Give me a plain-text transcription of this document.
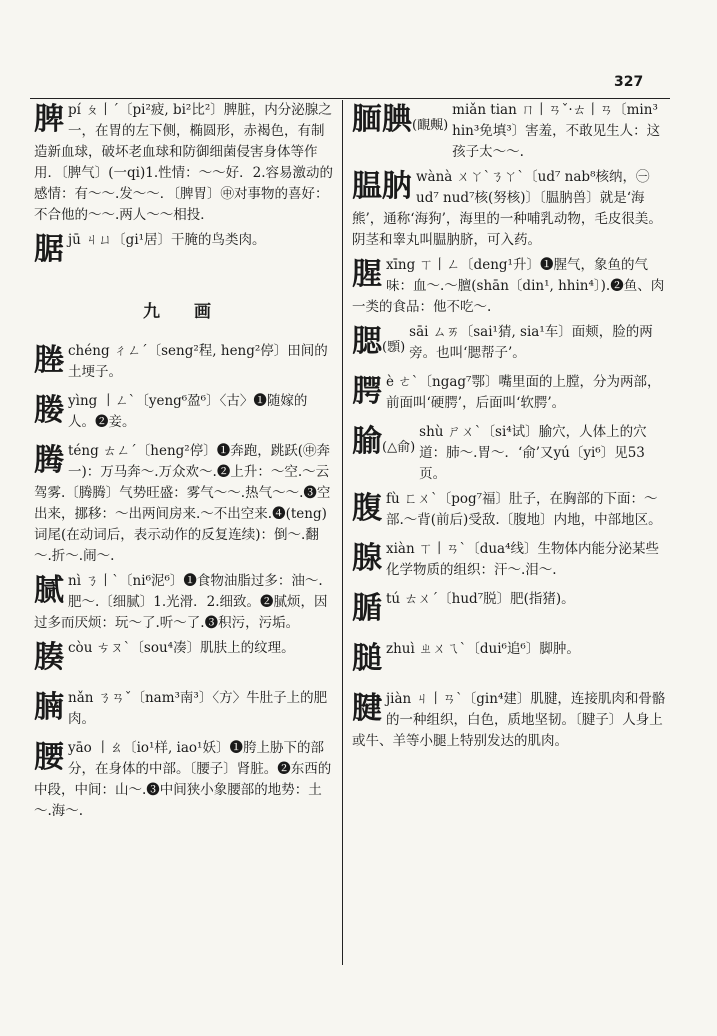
327
脾 pí ㄆ丨ˊ〔pi²疲, bi²比²〕脾脏，内分泌腺之一，在胃的左下侧，椭圆形，赤褐色，有制造新血球，破坏老血球和防御细菌侵害身体等作用．〔脾气〕(一qi)1.性情：～～好．2.容易激动的感情：有～～.发～～．〔脾胃〕㊥对事物的喜好：不合他的～～.两人～～相投．
腒 jū ㄐㄩ〔gi¹居〕干腌的鸟类肉。
九 画
塍 chéng ㄔㄥˊ〔seng²程, heng²停〕田间的土埂子。
媵 yìng 丨ㄥˋ〔yeng⁶盈⁶〕〈古〉❶随嫁的人。❷妾。
腾 téng ㄊㄥˊ〔heng²停〕❶奔跑，跳跃(㊥奔一)：万马奔～.万众欢～.❷上升：～空.～云驾雾.〔腾腾〕气势旺盛：雾气～～.热气～～.❸空出来，挪移：～出两间房来.～不出空来.❹(teng)词尾(在动词后，表示动作的反复连续)：倒～.翻～.折～.闹～.
腻 nì ㄋ丨ˋ〔ni⁶泥⁶〕❶食物油脂过多：油～.肥～.〔细腻〕1.光滑．2.细致。❷腻烦，因过多而厌烦：玩～了.听～了.❸积污，污垢。
腠 còu ㄘㄡˋ〔sou⁴凑〕肌肤上的纹理。
腩 nǎn ㄋㄢˇ〔nam³南³〕〈方〉牛肚子上的肥肉。
腰 yāo 丨ㄠ〔io¹样, iao¹妖〕❶胯上胁下的部分，在身体的中部。〔腰子〕肾脏。❷东西的中段，中间：山～.❸中间狭小象腰部的地势：土～.海～.
腼腆(靦覥)
miǎn tian ㄇ丨ㄢˇ·ㄊ丨ㄢ〔min³ hin³免填³〕害羞，不敢见生人：这孩子太～～.
腽肭 wànà ㄨㄚˋㄋㄚˋ〔ud⁷ nab⁸核纳，㊀ud⁷ nud⁷核(努核)〕〔腽肭兽〕就是‘海熊’，通称‘海狗’，海里的一种哺乳动物，毛皮很美。阴茎和睾丸叫腽肭脐，可入药。
腥 xīng ㄒ丨ㄥ〔deng¹升〕❶腥气，象鱼的气味：血～.～膻(shān〔din¹, hhin⁴〕).❷鱼、肉一类的食品：他不吃～.
腮(顋)
sāi ㄙㄞ〔sai¹猜, sia¹车〕面颊，脸的两旁。也叫‘腮帮子’。
腭 è ㄜˋ〔ngag⁷鄂〕嘴里面的上膛，分为两部，前面叫‘硬腭’，后面叫‘软腭’。
腧(△俞)
shù ㄕㄨˋ〔si⁴试〕腧穴，人体上的穴道：肺～.胃～．‘俞’又yú〔yi⁶〕见53页。
腹 fù ㄈㄨˋ〔pog⁷福〕肚子，在胸部的下面：～部.～背(前后)受敌.〔腹地〕内地，中部地区。
腺 xiàn ㄒ丨ㄢˋ〔dua⁴线〕生物体内能分泌某些化学物质的组织：汗～.泪～.
腯 tú ㄊㄨˊ〔hud⁷脱〕肥(指猪)。
膇 zhuì ㄓㄨㄟˋ〔dui⁶追⁶〕脚肿。
腱 jiàn ㄐ丨ㄢˋ〔gin⁴建〕肌腱，连接肌肉和骨骼的一种组织，白色，质地坚韧。〔腱子〕人身上或牛、羊等小腿上特别发达的肌肉。
